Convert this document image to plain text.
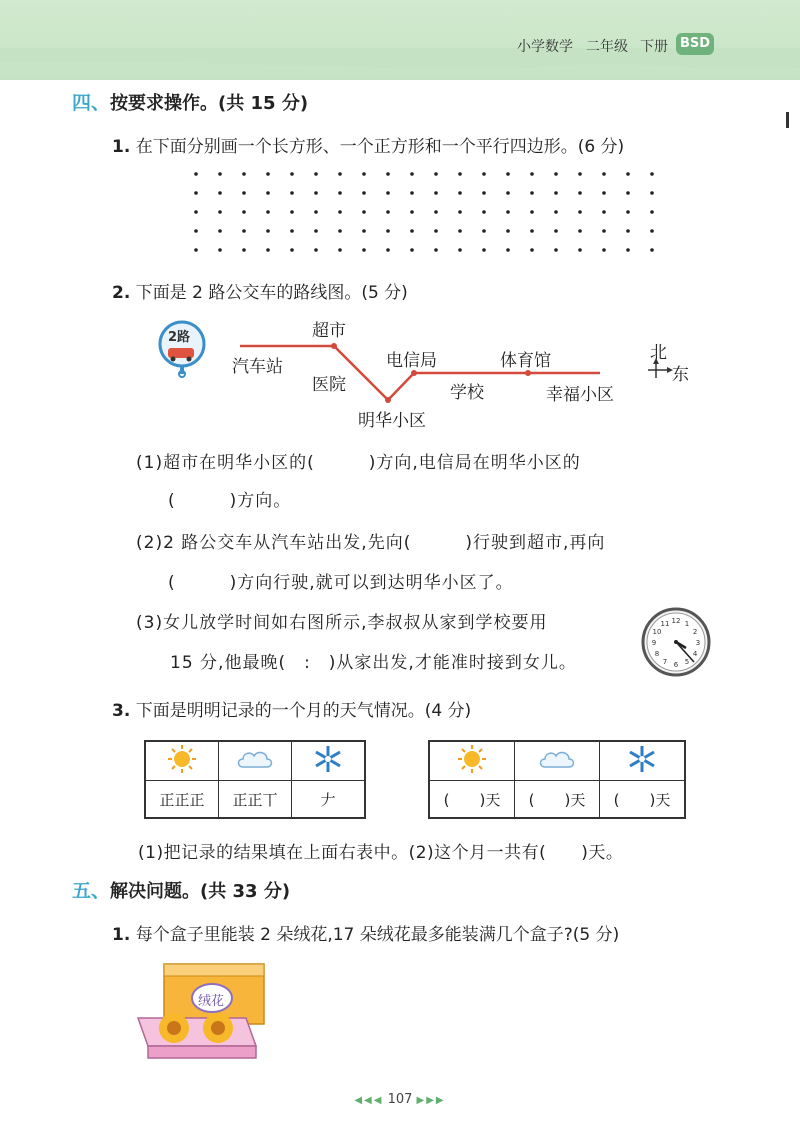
小学数学 二年级 下册 BSD
四、按要求操作。(共 15 分)
1. 在下面分别画一个长方形、一个正方形和一个平行四边形。(6 分)
2. 下面是 2 路公交车的路线图。(5 分)
2路
汽车站
超市
医院
明华小区
电信局
学校
体育馆
幸福小区
北
东
(1)超市在明华小区的(　　　)方向,电信局在明华小区的
(　　　)方向。
(2)2 路公交车从汽车站出发,先向(　　　)行驶到超市,再向
(　　　)方向行驶,就可以到达明华小区了。
(3)女儿放学时间如右图所示,李叔叔从家到学校要用
15 分,他最晚(　:　)从家出发,才能准时接到女儿。
12 1
2
3
4
5
6
7
8
9
10
11
3. 下面是明明记录的一个月的天气情况。(4 分)

正正正	正正丅	𠂇
			(　　)天	(　　)天	(　　)天
(1)把记录的结果填在上面右表中。(2)这个月一共有(　　)天。
五、解决问题。(共 33 分)
1. 每个盒子里能装 2 朵绒花,17 朵绒花最多能装满几个盒子?(5 分)
绒花
◀◀◀ 107 ▶▶▶
